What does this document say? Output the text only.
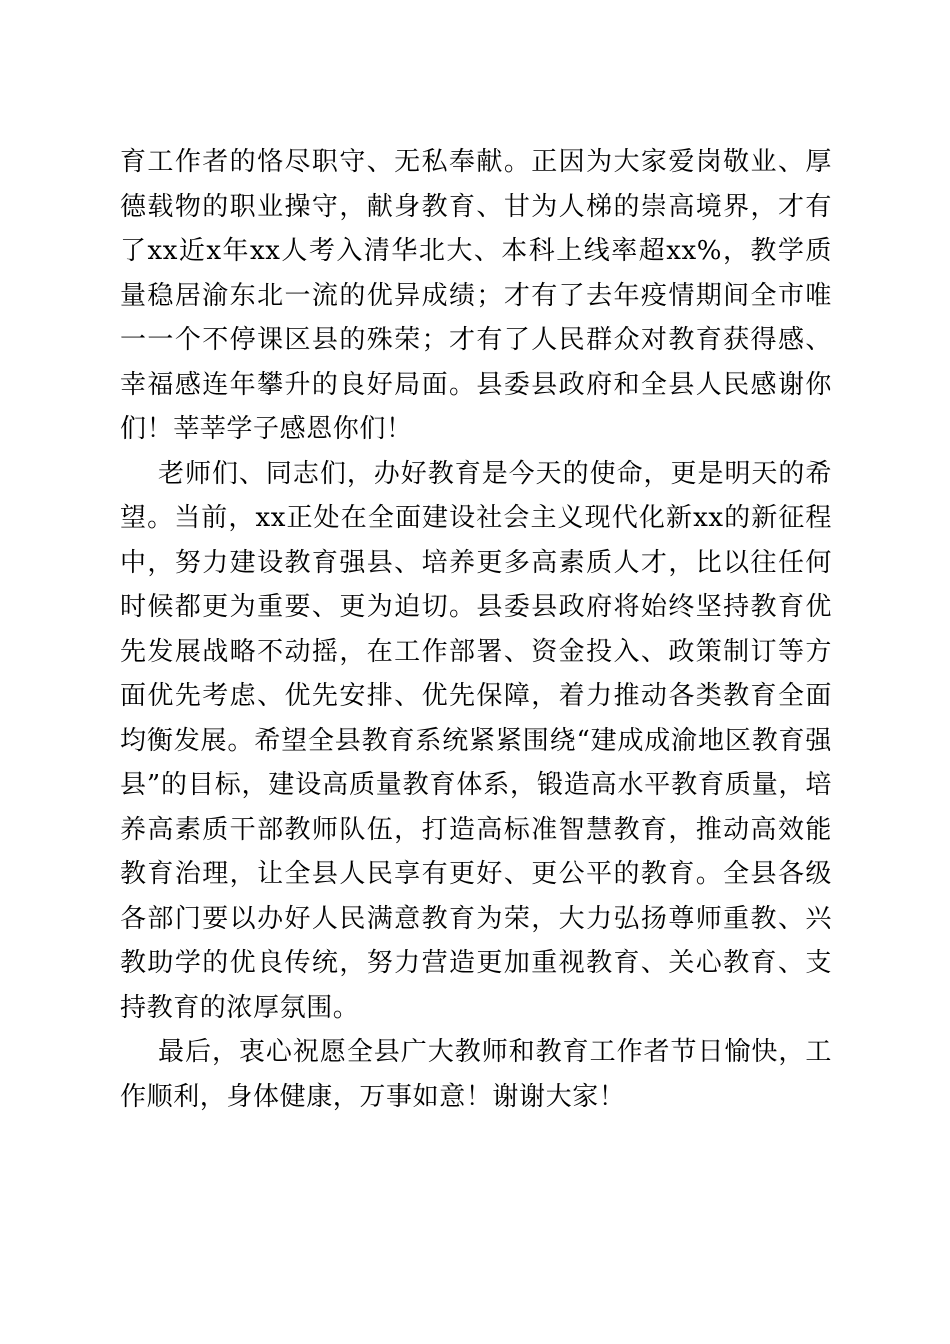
育工作者的恪尽职守、无私奉献。正因为大家爱岗敬业、厚德载物的职业操守，献身教育、甘为人梯的崇高境界，才有了xx近x年xx人考入清华北大、本科上线率超xx%，教学质量稳居渝东北一流的优异成绩；才有了去年疫情期间全市唯一一个不停课区县的殊荣；才有了人民群众对教育获得感、幸福感连年攀升的良好局面。县委县政府和全县人民感谢你们！莘莘学子感恩你们！

老师们、同志们，办好教育是今天的使命，更是明天的希望。当前，xx正处在全面建设社会主义现代化新xx的新征程中，努力建设教育强县、培养更多高素质人才，比以往任何时候都更为重要、更为迫切。县委县政府将始终坚持教育优先发展战略不动摇，在工作部署、资金投入、政策制订等方面优先考虑、优先安排、优先保障，着力推动各类教育全面均衡发展。希望全县教育系统紧紧围绕“建成成渝地区教育强县”的目标，建设高质量教育体系，锻造高水平教育质量，培养高素质干部教师队伍，打造高标准智慧教育，推动高效能教育治理，让全县人民享有更好、更公平的教育。全县各级各部门要以办好人民满意教育为荣，大力弘扬尊师重教、兴教助学的优良传统，努力营造更加重视教育、关心教育、支持教育的浓厚氛围。

最后，衷心祝愿全县广大教师和教育工作者节日愉快，工作顺利，身体健康，万事如意！谢谢大家！
